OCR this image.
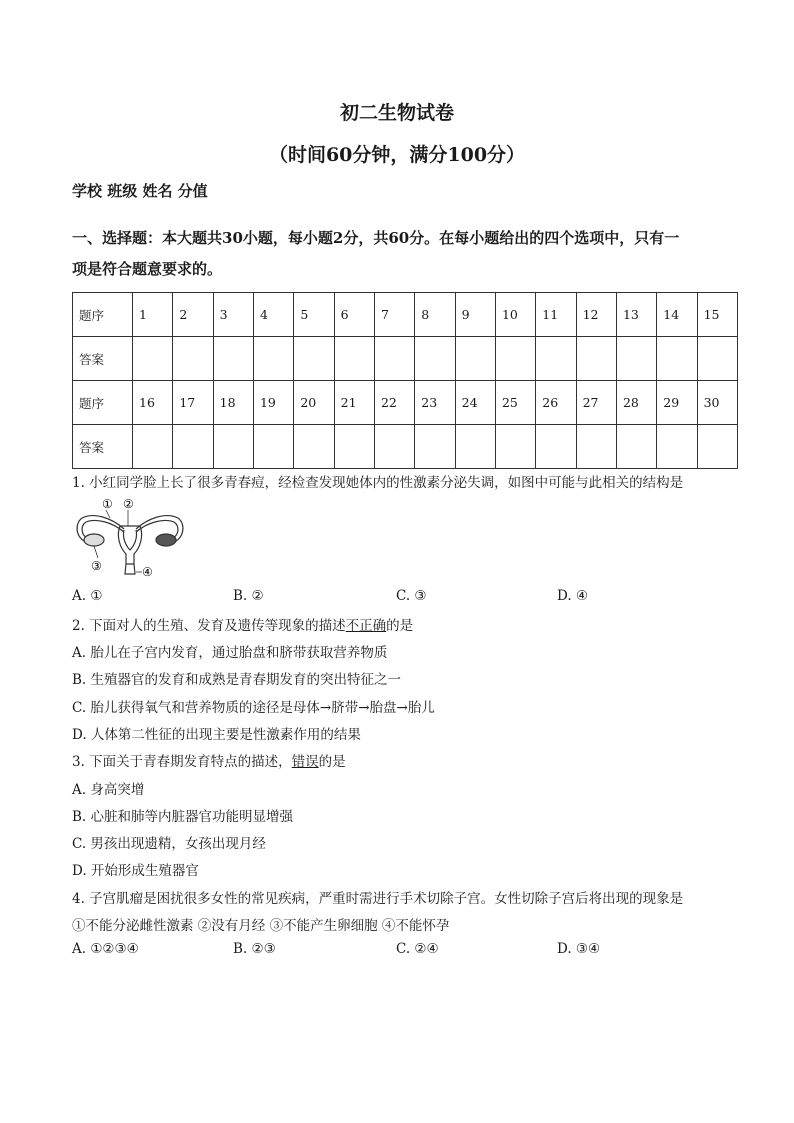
初二生物试卷
（时间60分钟，满分100分）
学校 班级 姓名 分值
一、选择题：本大题共30小题，每小题2分，共60分。在每小题给出的四个选项中，只有一
项是符合题意要求的。
题序	1	2	3	4	5	6	7	8	9	10	11	12	13	14	15
答案															
题序	16	17	18	19	20	21	22	23	24	25	26	27	28	29	30
答案															
1. 小红同学脸上长了很多青春痘，经检查发现她体内的性激素分泌失调，如图中可能与此相关的结构是
① ②
③	④
A. ①	B. ②	C. ③	D. ④
2. 下面对人的生殖、发育及遗传等现象的描述不正确的是
A. 胎儿在子宫内发育，通过胎盘和脐带获取营养物质
B. 生殖器官的发育和成熟是青春期发育的突出特征之一
C. 胎儿获得氧气和营养物质的途径是母体→脐带→胎盘→胎儿
D. 人体第二性征的出现主要是性激素作用的结果
3. 下面关于青春期发育特点的描述，错误的是
A. 身高突增
B. 心脏和肺等内脏器官功能明显增强
C. 男孩出现遗精，女孩出现月经
D. 开始形成生殖器官
4. 子宫肌瘤是困扰很多女性的常见疾病，严重时需进行手术切除子宫。女性切除子宫后将出现的现象是
①不能分泌雌性激素 ②没有月经 ③不能产生卵细胞 ④不能怀孕
A. ①②③④	B. ②③	C. ②④	D. ③④
